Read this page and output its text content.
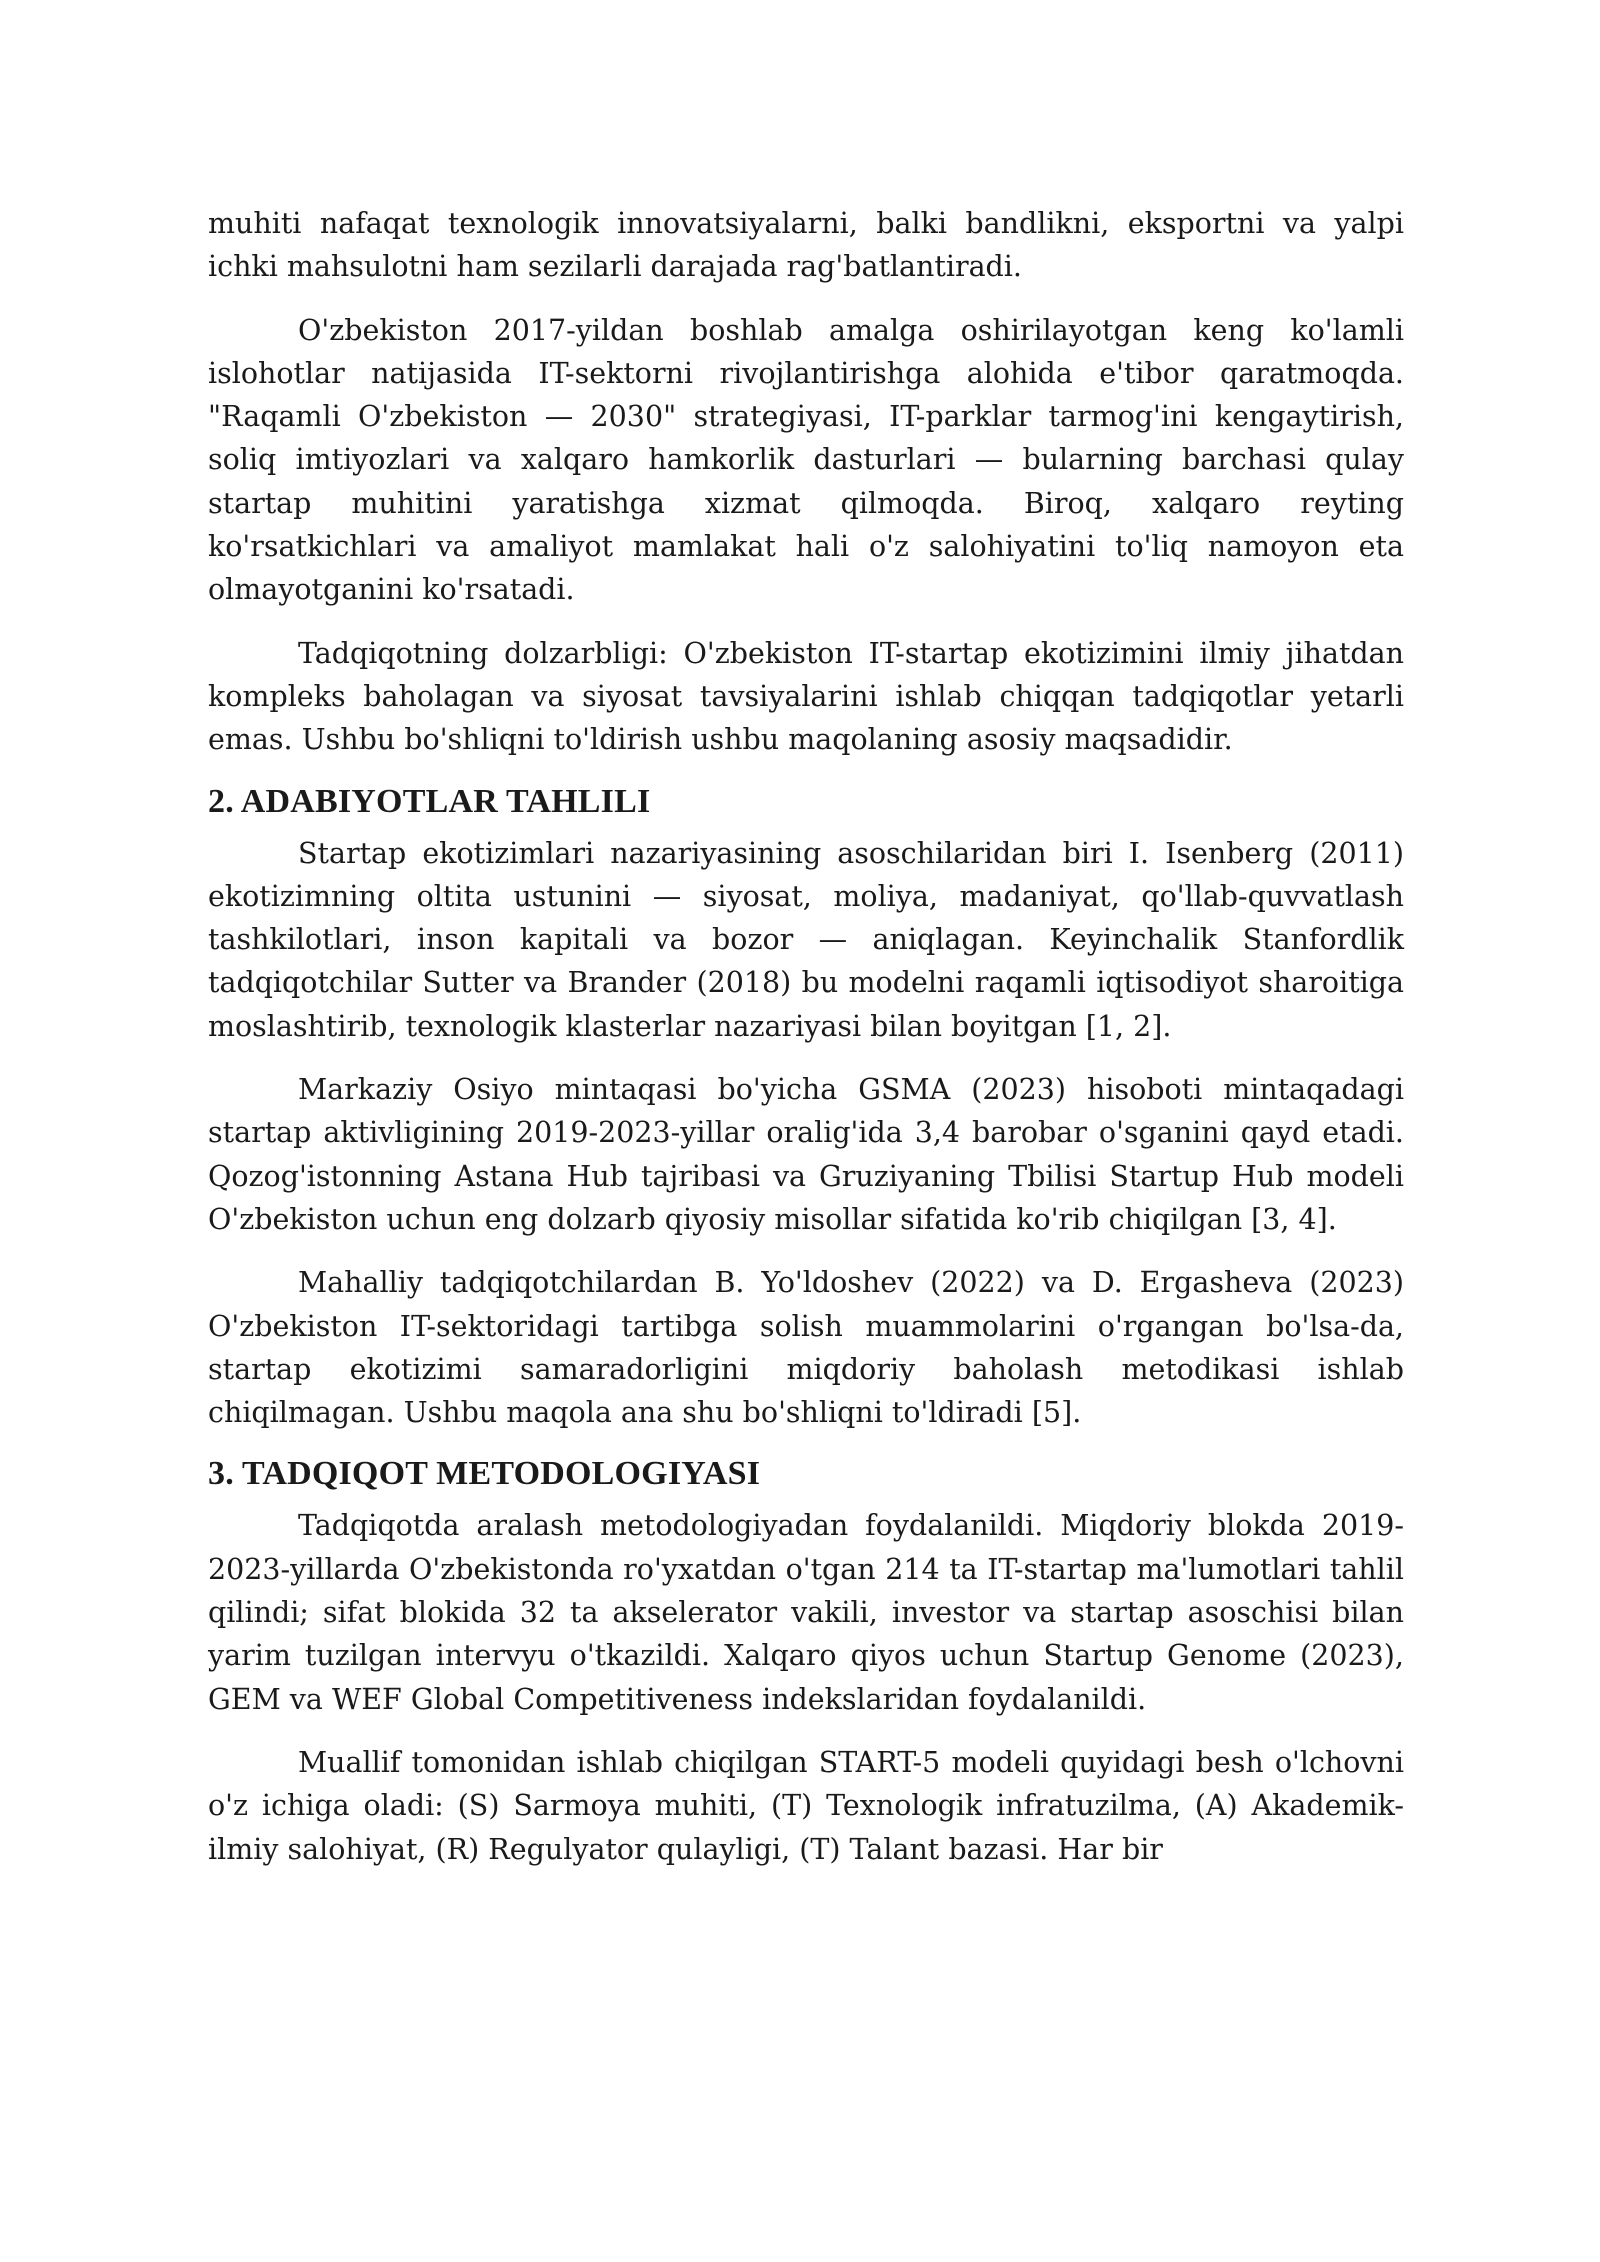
muhiti nafaqat texnologik innovatsiyalarni, balki bandlikni, eksportni va yalpi ichki mahsulotni ham sezilarli darajada rag'batlantiradi.

O'zbekiston 2017-yildan boshlab amalga oshirilayotgan keng ko'lamli islohotlar natijasida IT-sektorni rivojlantirishga alohida e'tibor qaratmoqda. "Raqamli O'zbekiston — 2030" strategiyasi, IT-parklar tarmog'ini kengaytirish, soliq imtiyozlari va xalqaro hamkorlik dasturlari — bularning barchasi qulay startap muhitini yaratishga xizmat qilmoqda. Biroq, xalqaro reyting ko'rsatkichlari va amaliyot mamlakat hali o'z salohiyatini to'liq namoyon eta olmayotganini ko'rsatadi.

Tadqiqotning dolzarbligi: O'zbekiston IT-startap ekotizimini ilmiy jihatdan kompleks baholagan va siyosat tavsiyalarini ishlab chiqqan tadqiqotlar yetarli emas. Ushbu bo'shliqni to'ldirish ushbu maqolaning asosiy maqsadidir.

2. ADABIYOTLAR TAHLILI

Startap ekotizimlari nazariyasining asoschilaridan biri I. Isenberg (2011) ekotizimning oltita ustunini — siyosat, moliya, madaniyat, qo'llab-quvvatlash tashkilotlari, inson kapitali va bozor — aniqlagan. Keyinchalik Stanfordlik tadqiqotchilar Sutter va Brander (2018) bu modelni raqamli iqtisodiyot sharoitiga moslashtirib, texnologik klasterlar nazariyasi bilan boyitgan [1, 2].

Markaziy Osiyo mintaqasi bo'yicha GSMA (2023) hisoboti mintaqadagi startap aktivligining 2019-2023-yillar oralig'ida 3,4 barobar o'sganini qayd etadi. Qozog'istonning Astana Hub tajribasi va Gruziyaning Tbilisi Startup Hub modeli O'zbekiston uchun eng dolzarb qiyosiy misollar sifatida ko'rib chiqilgan [3, 4].

Mahalliy tadqiqotchilardan B. Yo'ldoshev (2022) va D. Ergasheva (2023) O'zbekiston IT-sektoridagi tartibga solish muammolarini o'rgangan bo'lsa-da, startap ekotizimi samaradorligini miqdoriy baholash metodikasi ishlab chiqilmagan. Ushbu maqola ana shu bo'shliqni to'ldiradi [5].

3. TADQIQOT METODOLOGIYASI

Tadqiqotda aralash metodologiyadan foydalanildi. Miqdoriy blokda 2019-2023-yillarda O'zbekistonda ro'yxatdan o'tgan 214 ta IT-startap ma'lumotlari tahlil qilindi; sifat blokida 32 ta akselerator vakili, investor va startap asoschisi bilan yarim tuzilgan intervyu o'tkazildi. Xalqaro qiyos uchun Startup Genome (2023), GEM va WEF Global Competitiveness indekslaridan foydalanildi.

Muallif tomonidan ishlab chiqilgan START-5 modeli quyidagi besh o'lchovni o'z ichiga oladi: (S) Sarmoya muhiti, (T) Texnologik infratuzilma, (A) Akademik-ilmiy salohiyat, (R) Regulyator qulayligi, (T) Talant bazasi. Har bir
